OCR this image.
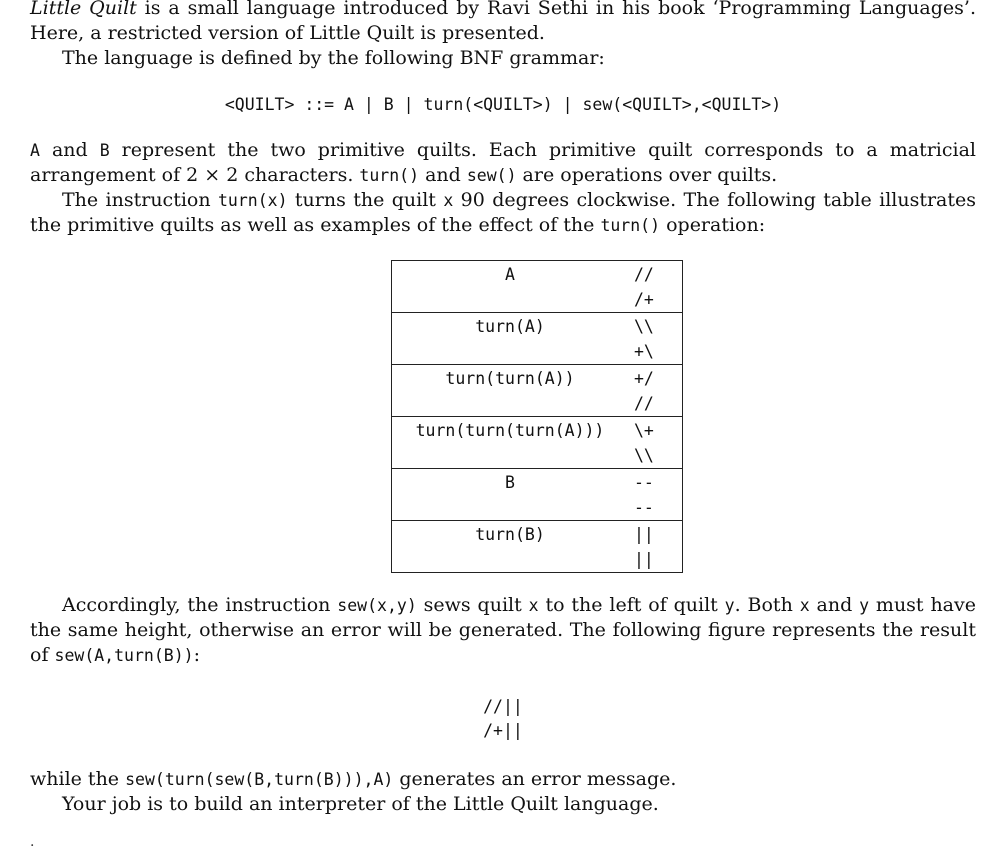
Little Quilt is a small language introduced by Ravi Sethi in his book ‘Programming Languages’. Here, a restricted version of Little Quilt is presented.

The language is defined by the following BNF grammar:

<QUILT> ::= A | B | turn(<QUILT>) | sew(<QUILT>,<QUILT>)

A and B represent the two primitive quilts. Each primitive quilt corresponds to a matricial arrangement of 2 × 2 characters. turn() and sew() are operations over quilts.

The instruction turn(x) turns the quilt x 90 degrees clockwise. The following table illustrates the primitive quilts as well as examples of the effect of the turn() operation:

A	//
/+
turn(A)	\\
+\
turn(turn(A))	+/
//
turn(turn(turn(A)))	\+
\\
B	--
--
turn(B)	||
||

Accordingly, the instruction sew(x,y) sews quilt x to the left of quilt y. Both x and y must have the same height, otherwise an error will be generated. The following figure represents the result of sew(A,turn(B)):

//||
/+||

while the sew(turn(sew(B,turn(B))),A) generates an error message.

Your job is to build an interpreter of the Little Quilt language.

·
